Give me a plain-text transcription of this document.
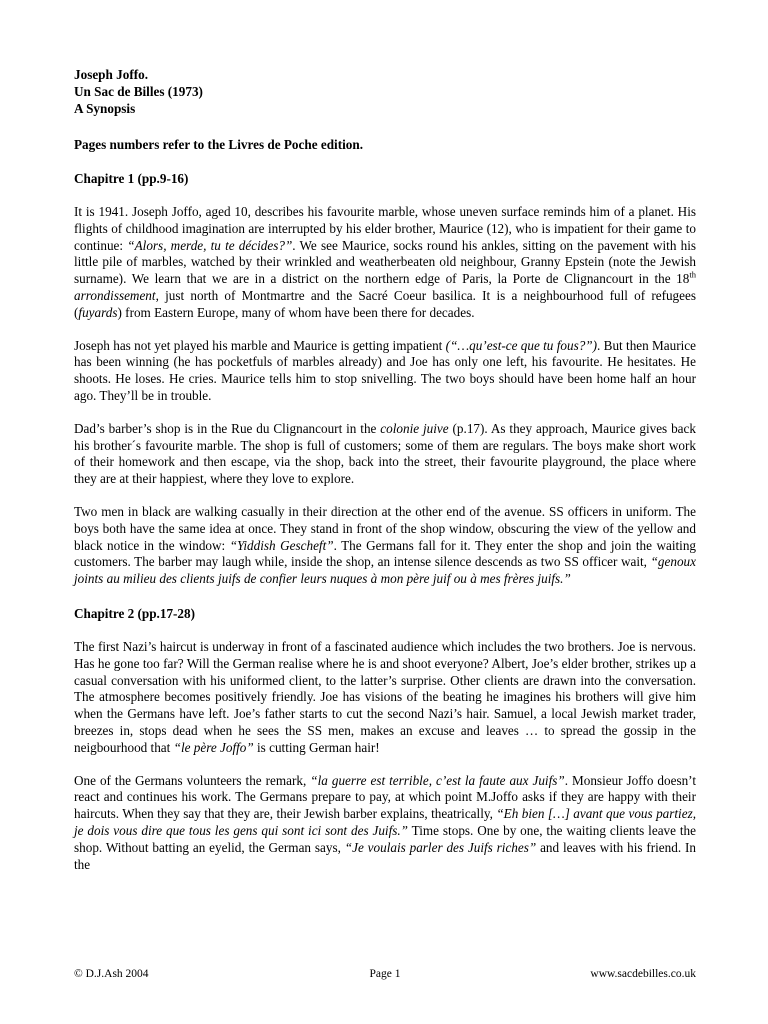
Joseph Joffo.

Un Sac de Billes (1973)

A Synopsis

Pages numbers refer to the Livres de Poche edition.

Chapitre 1 (pp.9-16)

It is 1941. Joseph Joffo, aged 10, describes his favourite marble, whose uneven surface reminds him of a planet. His flights of childhood imagination are interrupted by his elder brother, Maurice (12), who is impatient for their game to continue: “Alors, merde, tu te décides?”. We see Maurice, socks round his ankles, sitting on the pavement with his little pile of marbles, watched by their wrinkled and weatherbeaten old neighbour, Granny Epstein (note the Jewish surname). We learn that we are in a district on the northern edge of Paris, la Porte de Clignancourt in the 18th arrondissement, just north of Montmartre and the Sacré Coeur basilica. It is a neighbourhood full of refugees (fuyards) from Eastern Europe, many of whom have been there for decades.

Joseph has not yet played his marble and Maurice is getting impatient (“…qu’est-ce que tu fous?”). But then Maurice has been winning (he has pocketfuls of marbles already) and Joe has only one left, his favourite. He hesitates. He shoots. He loses. He cries. Maurice tells him to stop snivelling. The two boys should have been home half an hour ago. They’ll be in trouble.

Dad’s barber’s shop is in the Rue du Clignancourt in the colonie juive (p.17). As they approach, Maurice gives back his brother´s favourite marble. The shop is full of customers; some of them are regulars. The boys make short work of their homework and then escape, via the shop, back into the street, their favourite playground, the place where they are at their happiest, where they love to explore.

Two men in black are walking casually in their direction at the other end of the avenue. SS officers in uniform. The boys both have the same idea at once. They stand in front of the shop window, obscuring the view of the yellow and black notice in the window: “Yiddish Gescheft”. The Germans fall for it. They enter the shop and join the waiting customers. The barber may laugh while, inside the shop, an intense silence descends as two SS officer wait, “genoux joints au milieu des clients juifs de confier leurs nuques à mon père juif ou à mes frères juifs.”

Chapitre 2 (pp.17-28)

The first Nazi’s haircut is underway in front of a fascinated audience which includes the two brothers. Joe is nervous. Has he gone too far? Will the German realise where he is and shoot everyone? Albert, Joe’s elder brother, strikes up a casual conversation with his uniformed client, to the latter’s surprise. Other clients are drawn into the conversation. The atmosphere becomes positively friendly. Joe has visions of the beating he imagines his brothers will give him when the Germans have left. Joe’s father starts to cut the second Nazi’s hair. Samuel, a local Jewish market trader, breezes in, stops dead when he sees the SS men, makes an excuse and leaves … to spread the gossip in the neigbourhood that “le père Joffo” is cutting German hair!

One of the Germans volunteers the remark, “la guerre est terrible, c’est la faute aux Juifs”. Monsieur Joffo doesn’t react and continues his work. The Germans prepare to pay, at which point M.Joffo asks if they are happy with their haircuts. When they say that they are, their Jewish barber explains, theatrically, “Eh bien […] avant que vous partiez, je dois vous dire que tous les gens qui sont ici sont des Juifs.” Time stops. One by one, the waiting clients leave the shop. Without batting an eyelid, the German says, “Je voulais parler des Juifs riches” and leaves with his friend. In the

© D.J.Ash 2004	Page 1	www.sacdebilles.co.uk
